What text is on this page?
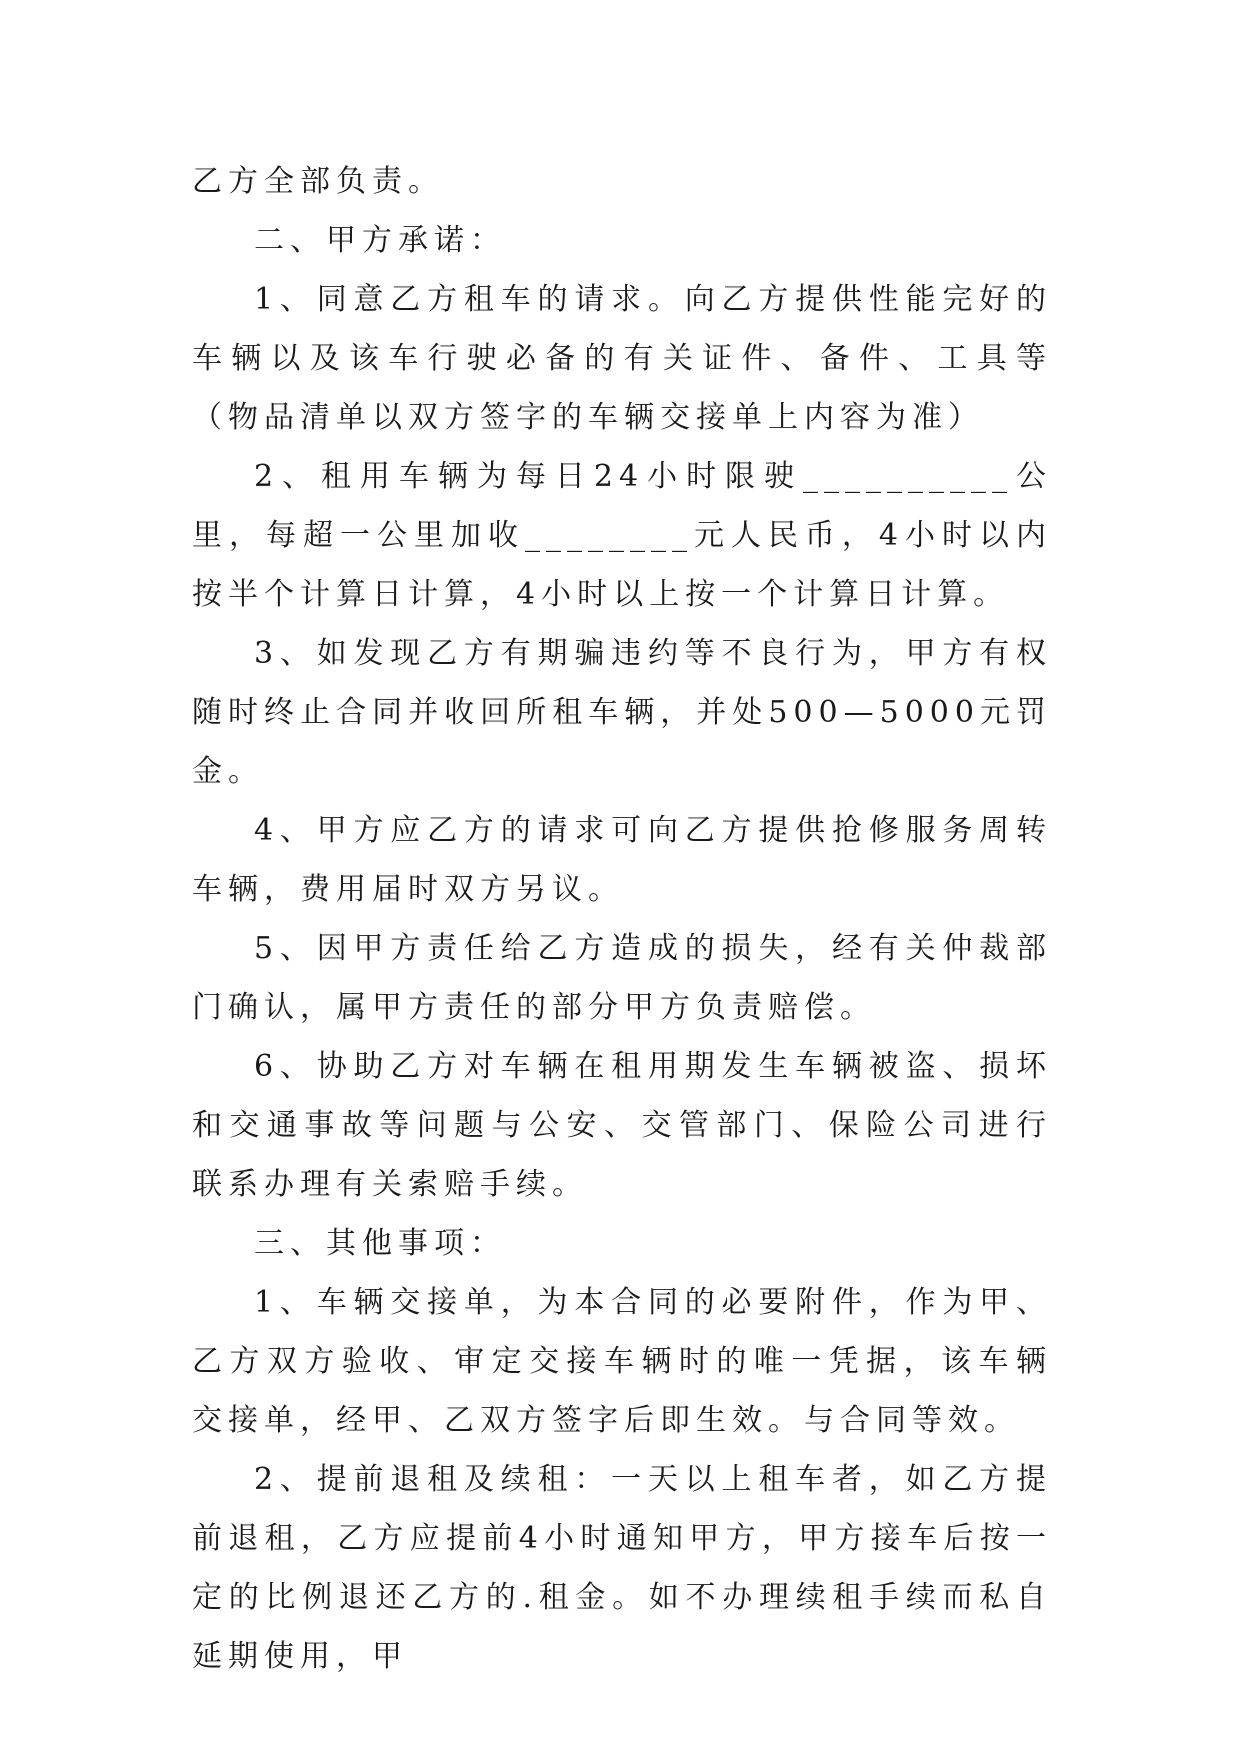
乙方全部负责。

二、甲方承诺：

1、同意乙方租车的请求。向乙方提供性能完好的车辆以及该车行驶必备的有关证件、备件、工具等（物品清单以双方签字的车辆交接单上内容为准）

2、租用车辆为每日24小时限驶__________公里，每超一公里加收________元人民币，4小时以内按半个计算日计算，4小时以上按一个计算日计算。

3、如发现乙方有期骗违约等不良行为，甲方有权随时终止合同并收回所租车辆，并处500—5000元罚金。

4、甲方应乙方的请求可向乙方提供抢修服务周转车辆，费用届时双方另议。

5、因甲方责任给乙方造成的损失，经有关仲裁部门确认，属甲方责任的部分甲方负责赔偿。

6、协助乙方对车辆在租用期发生车辆被盗、损坏和交通事故等问题与公安、交管部门、保险公司进行联系办理有关索赔手续。

三、其他事项：

1、车辆交接单，为本合同的必要附件，作为甲、乙方双方验收、审定交接车辆时的唯一凭据，该车辆交接单，经甲、乙双方签字后即生效。与合同等效。

2、提前退租及续租：一天以上租车者，如乙方提前退租，乙方应提前4小时通知甲方，甲方接车后按一定的比例退还乙方的.租金。如不办理续租手续而私自延期使用，甲
